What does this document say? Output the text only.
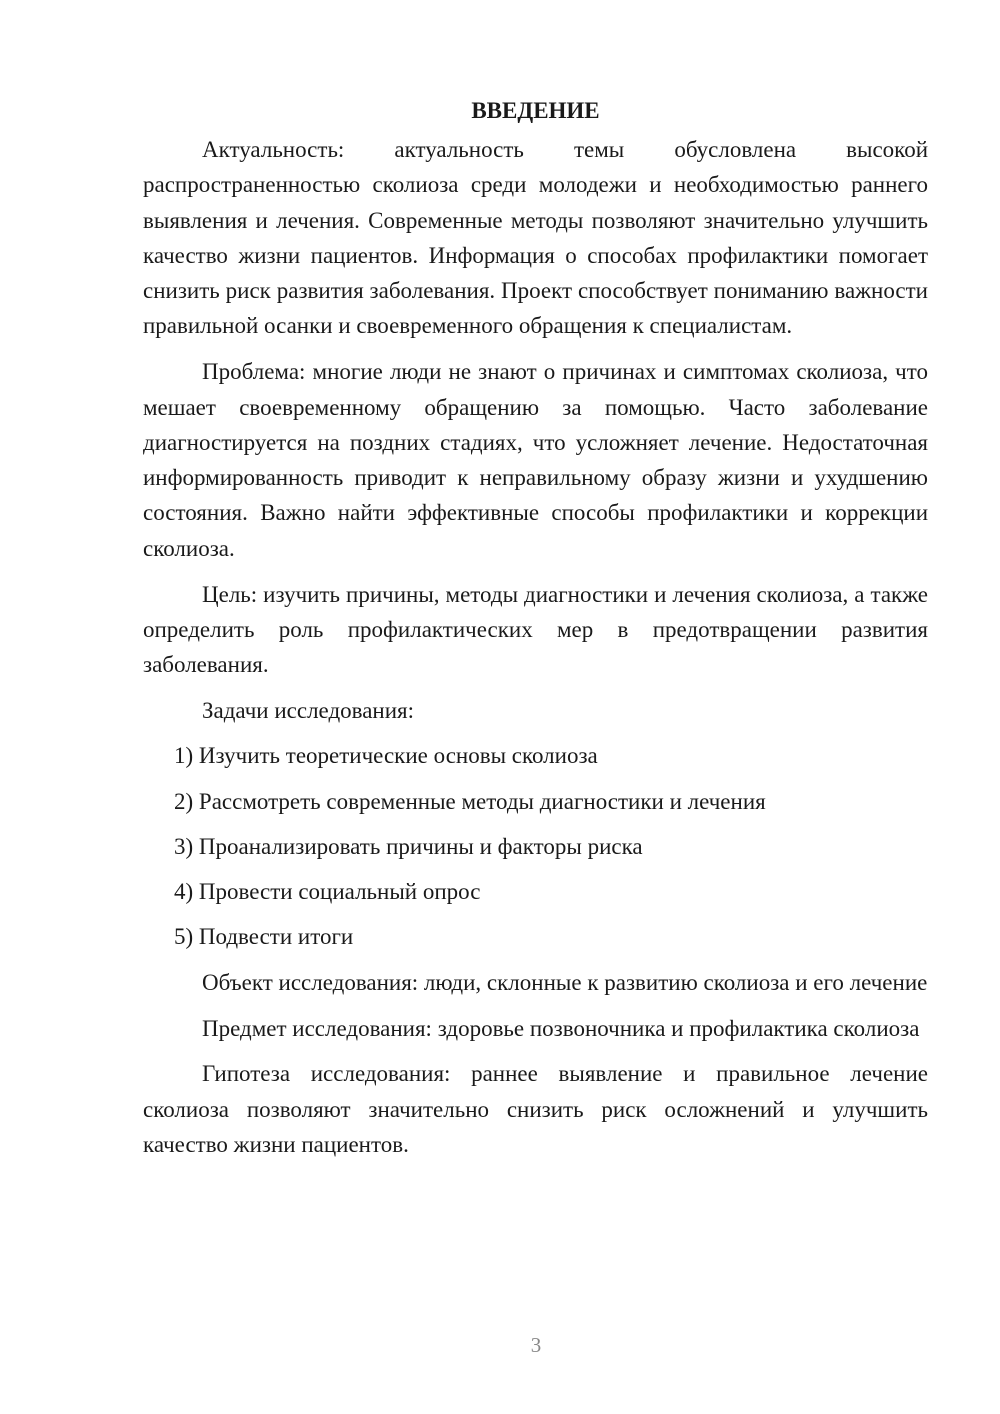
ВВЕДЕНИЕ

Актуальность: актуальность темы обусловлена высокой распространенностью сколиоза среди молодежи и необходимостью раннего выявления и лечения. Современные методы позволяют значительно улучшить качество жизни пациентов. Информация о способах профилактики помогает снизить риск развития заболевания. Проект способствует пониманию важности правильной осанки и своевременного обращения к специалистам.

Проблема: многие люди не знают о причинах и симптомах сколиоза, что мешает своевременному обращению за помощью. Часто заболевание диагностируется на поздних стадиях, что усложняет лечение. Недостаточная информированность приводит к неправильному образу жизни и ухудшению состояния. Важно найти эффективные способы профилактики и коррекции сколиоза.

Цель: изучить причины, методы диагностики и лечения сколиоза, а также определить роль профилактических мер в предотвращении развития заболевания.

Задачи исследования:

1) Изучить теоретические основы сколиоза
2) Рассмотреть современные методы диагностики и лечения
3) Проанализировать причины и факторы риска
4) Провести социальный опрос
5) Подвести итоги

Объект исследования: люди, склонные к развитию сколиоза и его лечение

Предмет исследования: здоровье позвоночника и профилактика сколиоза

Гипотеза исследования: раннее выявление и правильное лечение сколиоза позволяют значительно снизить риск осложнений и улучшить качество жизни пациентов.

3
